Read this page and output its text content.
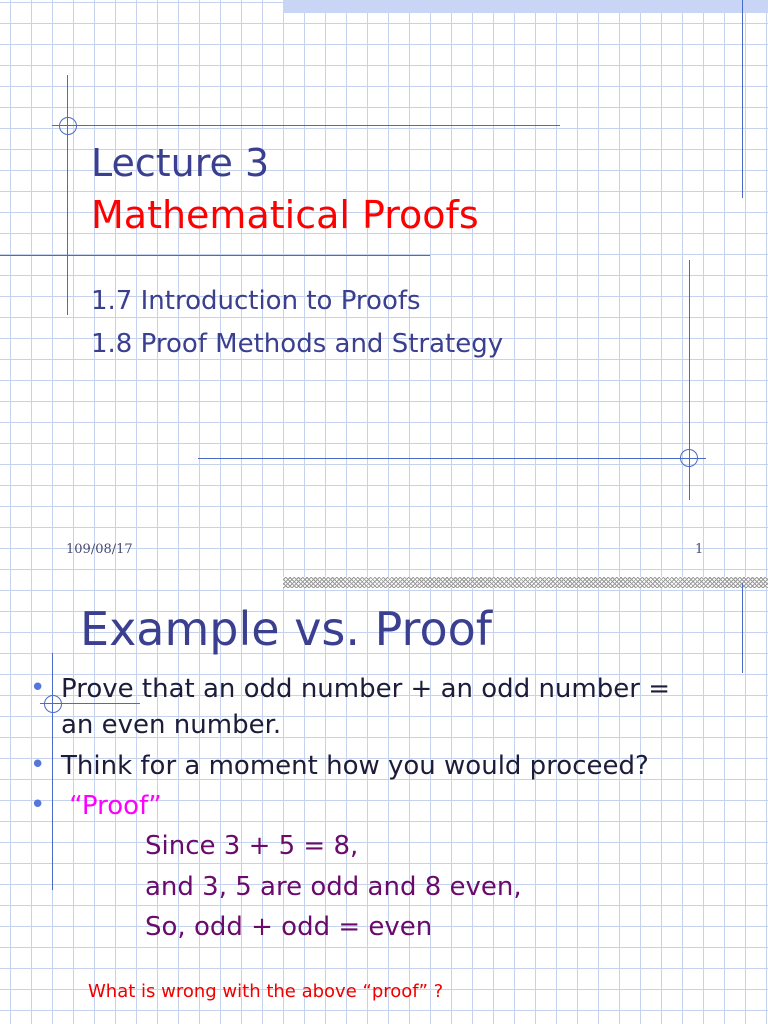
Lecture 3
Mathematical Proofs
1.7 Introduction to Proofs
1.8 Proof Methods and Strategy
109/08/17	1
Example vs. Proof
• Prove that an odd number + an odd number =
an even number.
• Think for a moment how you would proceed?
• “Proof”
Since 3 + 5 = 8,
and 3, 5 are odd and 8 even,
So, odd + odd = even
What is wrong with the above “proof” ?
